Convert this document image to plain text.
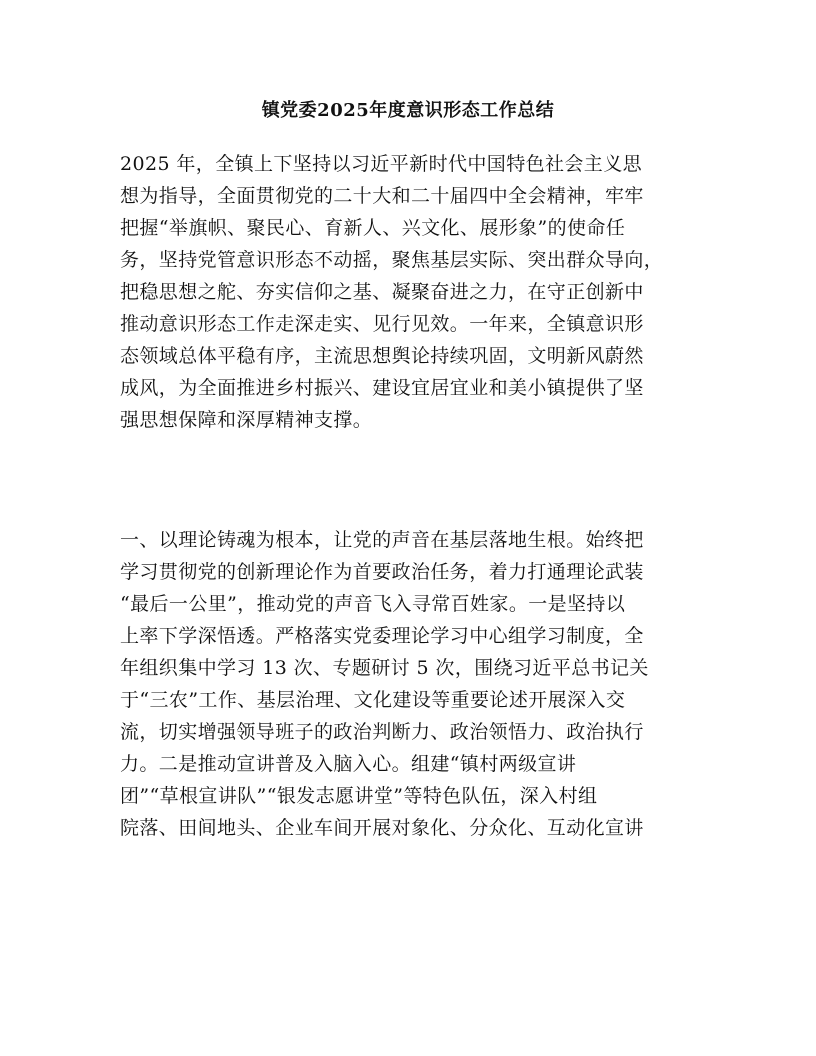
镇党委2025年度意识形态工作总结
2025 年，全镇上下坚持以习近平新时代中国特色社会主义思
想为指导，全面贯彻党的二十大和二十届四中全会精神，牢牢
把握“举旗帜、聚民心、育新人、兴文化、展形象”的使命任
务，坚持党管意识形态不动摇，聚焦基层实际、突出群众导向，
把稳思想之舵、夯实信仰之基、凝聚奋进之力，在守正创新中
推动意识形态工作走深走实、见行见效。一年来，全镇意识形
态领域总体平稳有序，主流思想舆论持续巩固，文明新风蔚然
成风，为全面推进乡村振兴、建设宜居宜业和美小镇提供了坚
强思想保障和深厚精神支撑。
一、以理论铸魂为根本，让党的声音在基层落地生根。始终把
学习贯彻党的创新理论作为首要政治任务，着力打通理论武装
“最后一公里”，推动党的声音飞入寻常百姓家。一是坚持以
上率下学深悟透。严格落实党委理论学习中心组学习制度，全
年组织集中学习 13 次、专题研讨 5 次，围绕习近平总书记关
于“三农”工作、基层治理、文化建设等重要论述开展深入交
流，切实增强领导班子的政治判断力、政治领悟力、政治执行
力。二是推动宣讲普及入脑入心。组建“镇村两级宣讲
团”“草根宣讲队”“银发志愿讲堂”等特色队伍，深入村组
院落、田间地头、企业车间开展对象化、分众化、互动化宣讲
